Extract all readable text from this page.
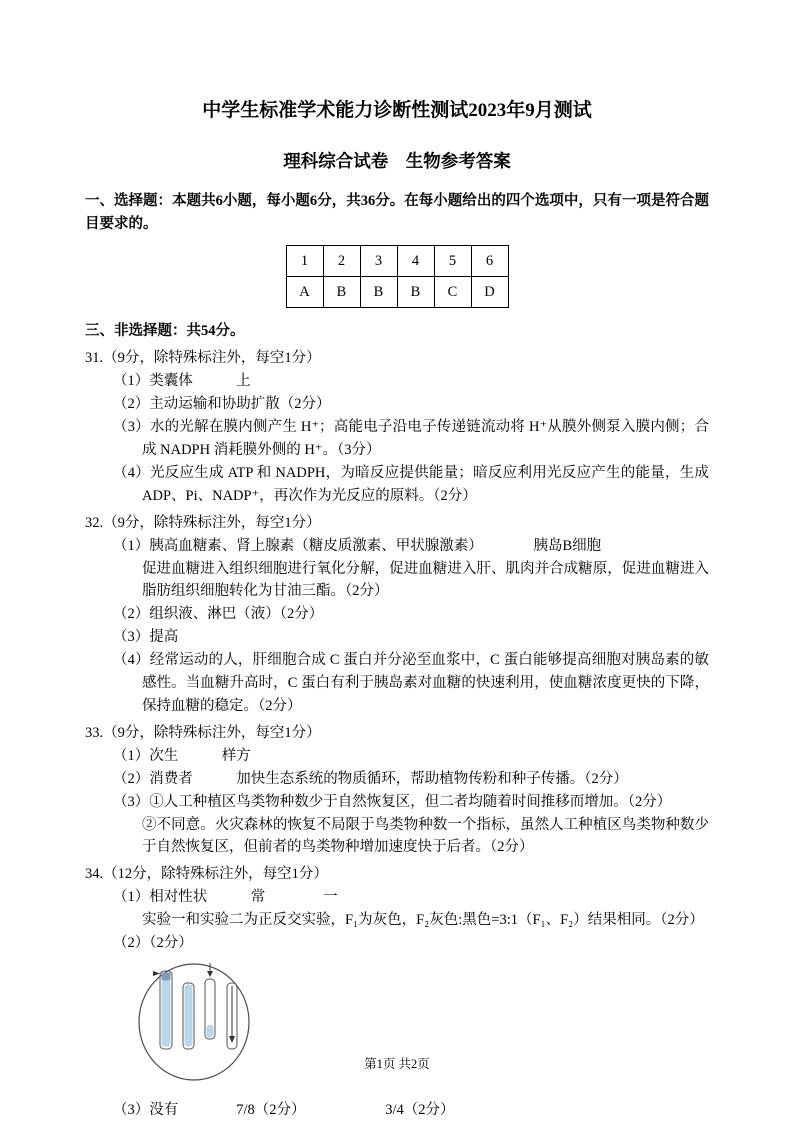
中学生标准学术能力诊断性测试2023年9月测试
理科综合试卷　生物参考答案
一、选择题：本题共6小题，每小题6分，共36分。在每小题给出的四个选项中，只有一项是符合题目要求的。
1	2	3	4	5	6
A	B	B	B	C	D
三、非选择题：共54分。
31.（9分，除特殊标注外，每空1分）
（1）类囊体　　　上
（2）主动运输和协助扩散（2分）
（3）水的光解在膜内侧产生 H⁺；高能电子沿电子传递链流动将 H⁺从膜外侧泵入膜内侧；合成 NADPH 消耗膜外侧的 H⁺。（3分）
（4）光反应生成 ATP 和 NADPH，为暗反应提供能量；暗反应利用光反应产生的能量，生成 ADP、Pi、NADP⁺，再次作为光反应的原料。（2分）
32.（9分，除特殊标注外，每空1分）
（1）胰高血糖素、肾上腺素（糖皮质激素、甲状腺激素）　　　　胰岛B细胞
促进血糖进入组织细胞进行氧化分解，促进血糖进入肝、肌肉并合成糖原，促进血糖进入脂肪组织细胞转化为甘油三酯。（2分）
（2）组织液、淋巴（液）（2分）
（3）提高
（4）经常运动的人，肝细胞合成 C 蛋白并分泌至血浆中，C 蛋白能够提高细胞对胰岛素的敏感性。当血糖升高时，C 蛋白有利于胰岛素对血糖的快速利用，使血糖浓度更快的下降，保持血糖的稳定。（2分）
33.（9分，除特殊标注外，每空1分）
（1）次生　　　样方
（2）消费者　　　加快生态系统的物质循环，帮助植物传粉和种子传播。（2分）
（3）①人工种植区鸟类物种数少于自然恢复区，但二者均随着时间推移而增加。（2分）
②不同意。火灾森林的恢复不局限于鸟类物种数一个指标，虽然人工种植区鸟类物种数少于自然恢复区，但前者的鸟类物种增加速度快于后者。（2分）
34.（12分，除特殊标注外，每空1分）
（1）相对性状　　　常　　　　一
实验一和实验二为正反交实验，F₁为灰色，F₂灰色:黑色=3:1（F₁、F₂）结果相同。（2分）
（2）（2分）
（3）没有　　　　7/8（2分）　　　　　　3/4（2分）
第1页 共2页
